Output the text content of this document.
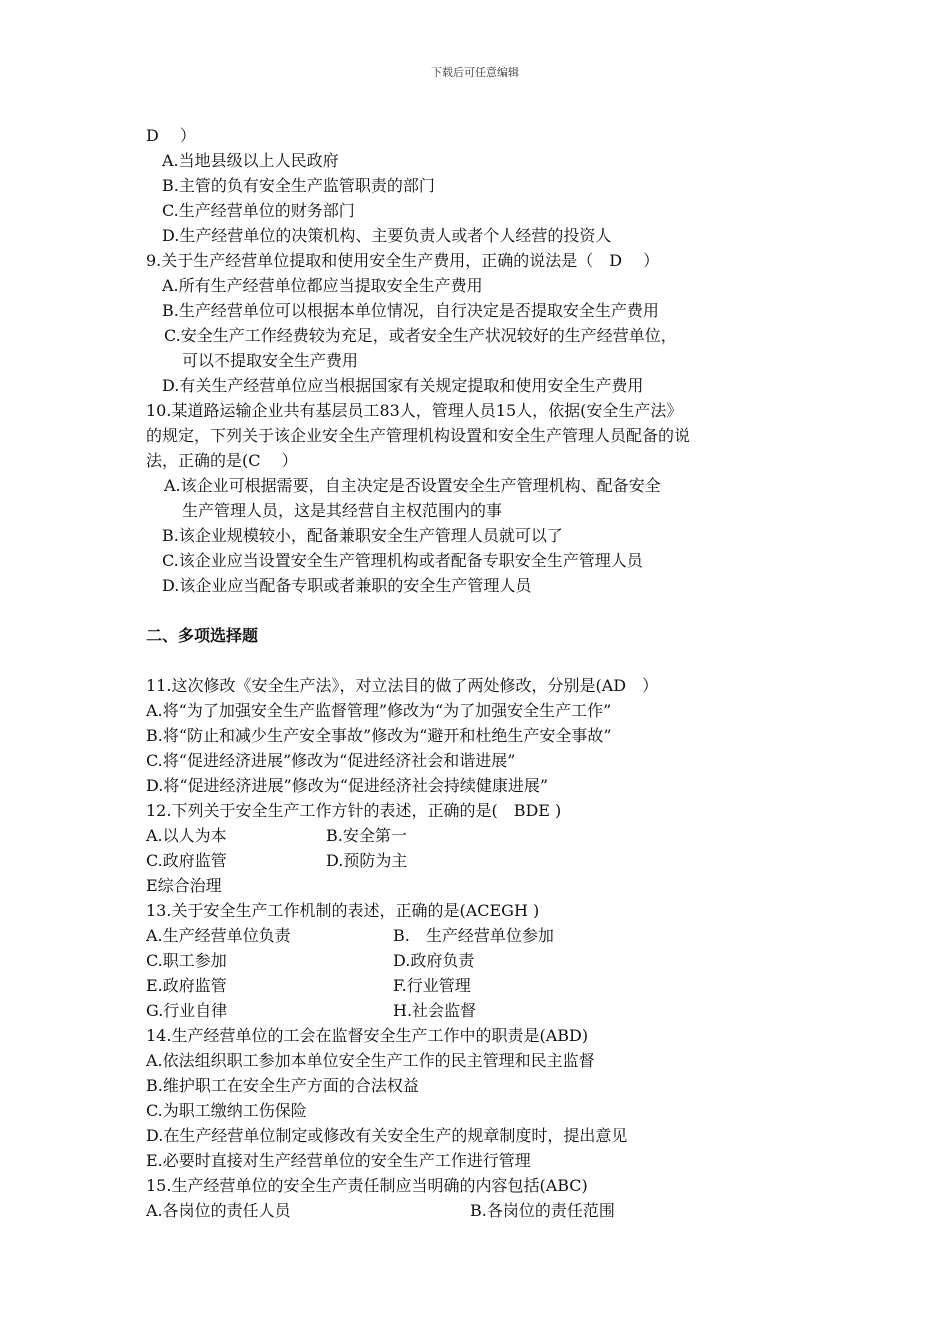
下载后可任意编辑
D　 ）
A.当地县级以上人民政府
B.主管的负有安全生产监管职责的部门
C.生产经营单位的财务部门
D.生产经营单位的决策机构、主要负责人或者个人经营的投资人
9.关于生产经营单位提取和使用安全生产费用，正确的说法是（　D　 ）
A.所有生产经营单位都应当提取安全生产费用
B.生产经营单位可以根据本单位情况，自行决定是否提取安全生产费用
C.安全生产工作经费较为充足，或者安全生产状况较好的生产经营单位，
可以不提取安全生产费用
D.有关生产经营单位应当根据国家有关规定提取和使用安全生产费用
10.某道路运输企业共有基层员工83人，管理人员15人，依据(安全生产法》
的规定，下列关于该企业安全生产管理机构设置和安全生产管理人员配备的说
法，正确的是(C　 ）
A.该企业可根据需要，自主决定是否设置安全生产管理机构、配备安全
生产管理人员，这是其经营自主权范围内的事
B.该企业规模较小，配备兼职安全生产管理人员就可以了
C.该企业应当设置安全生产管理机构或者配备专职安全生产管理人员
D.该企业应当配备专职或者兼职的安全生产管理人员
二、多项选择题
11.这次修改《安全生产法》，对立法目的做了两处修改，分别是(AD　）
A.将“为了加强安全生产监督管理”修改为“为了加强安全生产工作”
B.将“防止和减少生产安全事故”修改为“避开和杜绝生产安全事故”
C.将“促进经济进展”修改为“促进经济社会和谐进展”
D.将“促进经济进展”修改为“促进经济社会持续健康进展”
12.下列关于安全生产工作方针的表述，正确的是(　BDE )
A.以人为本	B.安全第一
C.政府监管	D.预防为主
E综合治理
13.关于安全生产工作机制的表述，正确的是(ACEGH )
A.生产经营单位负责	B.　生产经营单位参加
C.职工参加	D.政府负责
E.政府监管	F.行业管理
G.行业自律	H.社会监督
14.生产经营单位的工会在监督安全生产工作中的职责是(ABD)
A.依法组织职工参加本单位安全生产工作的民主管理和民主监督
B.维护职工在安全生产方面的合法权益
C.为职工缴纳工伤保险
D.在生产经营单位制定或修改有关安全生产的规章制度时，提出意见
E.必要时直接对生产经营单位的安全生产工作进行管理
15.生产经营单位的安全生产责任制应当明确的内容包括(ABC)
A.各岗位的责任人员	B.各岗位的责任范围
